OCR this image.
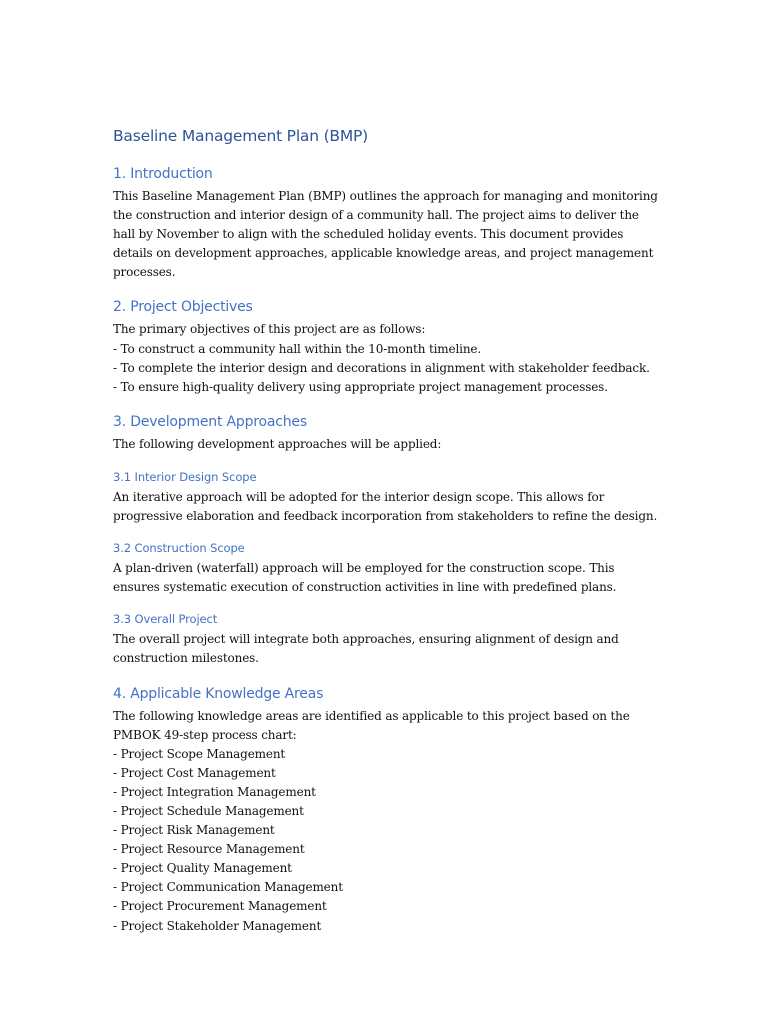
Baseline Management Plan (BMP)
1. Introduction
This Baseline Management Plan (BMP) outlines the approach for managing and monitoring
the construction and interior design of a community hall. The project aims to deliver the
hall by November to align with the scheduled holiday events. This document provides
details on development approaches, applicable knowledge areas, and project management
processes.
2. Project Objectives
The primary objectives of this project are as follows:
- To construct a community hall within the 10-month timeline.
- To complete the interior design and decorations in alignment with stakeholder feedback.
- To ensure high-quality delivery using appropriate project management processes.
3. Development Approaches
The following development approaches will be applied:
3.1 Interior Design Scope
An iterative approach will be adopted for the interior design scope. This allows for
progressive elaboration and feedback incorporation from stakeholders to refine the design.
3.2 Construction Scope
A plan-driven (waterfall) approach will be employed for the construction scope. This
ensures systematic execution of construction activities in line with predefined plans.
3.3 Overall Project
The overall project will integrate both approaches, ensuring alignment of design and
construction milestones.
4. Applicable Knowledge Areas
The following knowledge areas are identified as applicable to this project based on the
PMBOK 49-step process chart:
- Project Scope Management
- Project Cost Management
- Project Integration Management
- Project Schedule Management
- Project Risk Management
- Project Resource Management
- Project Quality Management
- Project Communication Management
- Project Procurement Management
- Project Stakeholder Management
